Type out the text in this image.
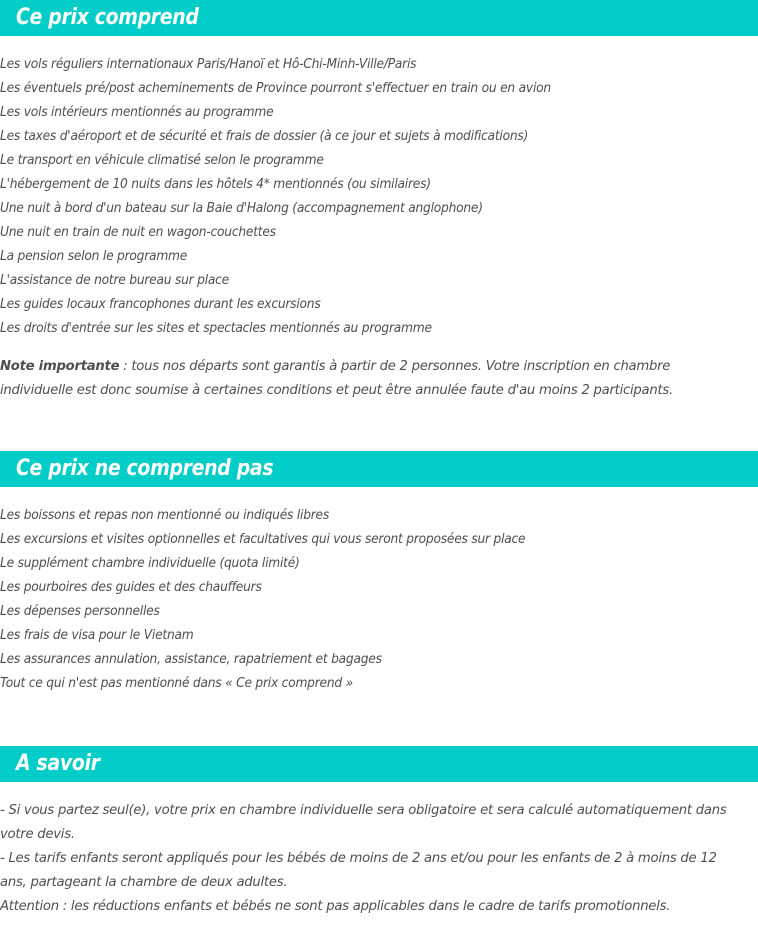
Ce prix comprend
Les vols réguliers internationaux Paris/Hanoï et Hô-Chi-Minh-Ville/Paris
Les éventuels pré/post acheminements de Province pourront s'effectuer en train ou en avion
Les vols intérieurs mentionnés au programme
Les taxes d'aéroport et de sécurité et frais de dossier (à ce jour et sujets à modifications)
Le transport en véhicule climatisé selon le programme
L'hébergement de 10 nuits dans les hôtels 4* mentionnés (ou similaires)
Une nuit à bord d'un bateau sur la Baie d'Halong (accompagnement anglophone)
Une nuit en train de nuit en wagon-couchettes
La pension selon le programme
L'assistance de notre bureau sur place
Les guides locaux francophones durant les excursions
Les droits d'entrée sur les sites et spectacles mentionnés au programme

Note importante : tous nos départs sont garantis à partir de 2 personnes. Votre inscription en chambre individuelle est donc soumise à certaines conditions et peut être annulée faute d'au moins 2 participants.

Ce prix ne comprend pas
Les boissons et repas non mentionné ou indiqués libres
Les excursions et visites optionnelles et facultatives qui vous seront proposées sur place
Le supplément chambre individuelle (quota limité)
Les pourboires des guides et des chauffeurs
Les dépenses personnelles
Les frais de visa pour le Vietnam
Les assurances annulation, assistance, rapatriement et bagages
Tout ce qui n'est pas mentionné dans « Ce prix comprend »
A savoir

- Si vous partez seul(e), votre prix en chambre individuelle sera obligatoire et sera calculé automatiquement dans votre devis.

- Les tarifs enfants seront appliqués pour les bébés de moins de 2 ans et/ou pour les enfants de 2 à moins de 12 ans, partageant la chambre de deux adultes.

Attention : les réductions enfants et bébés ne sont pas applicables dans le cadre de tarifs promotionnels.
